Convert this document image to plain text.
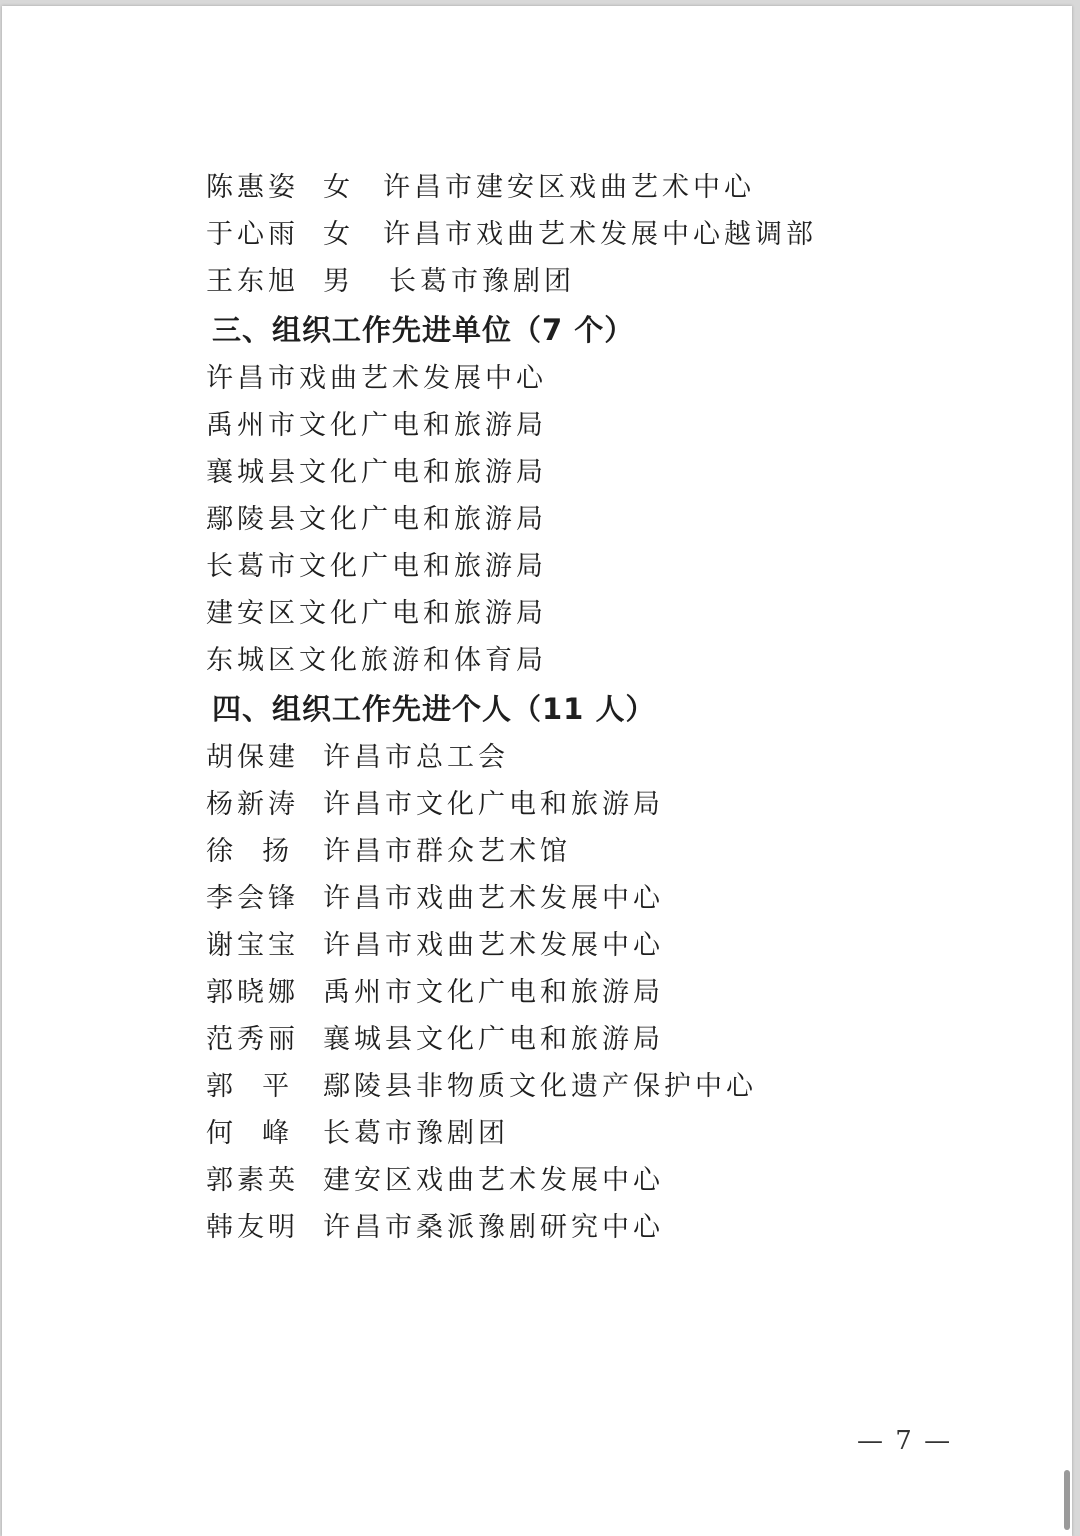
陈惠姿 女 许昌市建安区戏曲艺术中心
于心雨 女 许昌市戏曲艺术发展中心越调部
王东旭 男 长葛市豫剧团
三、组织工作先进单位（7 个）
许昌市戏曲艺术发展中心
禹州市文化广电和旅游局
襄城县文化广电和旅游局
鄢陵县文化广电和旅游局
长葛市文化广电和旅游局
建安区文化广电和旅游局
东城区文化旅游和体育局
四、组织工作先进个人（11 人）
胡保建 许昌市总工会
杨新涛 许昌市文化广电和旅游局
徐  扬 许昌市群众艺术馆
李会锋 许昌市戏曲艺术发展中心
谢宝宝 许昌市戏曲艺术发展中心
郭晓娜 禹州市文化广电和旅游局
范秀丽 襄城县文化广电和旅游局
郭  平 鄢陵县非物质文化遗产保护中心
何  峰 长葛市豫剧团
郭素英 建安区戏曲艺术发展中心
韩友明 许昌市桑派豫剧研究中心
— 7 —
